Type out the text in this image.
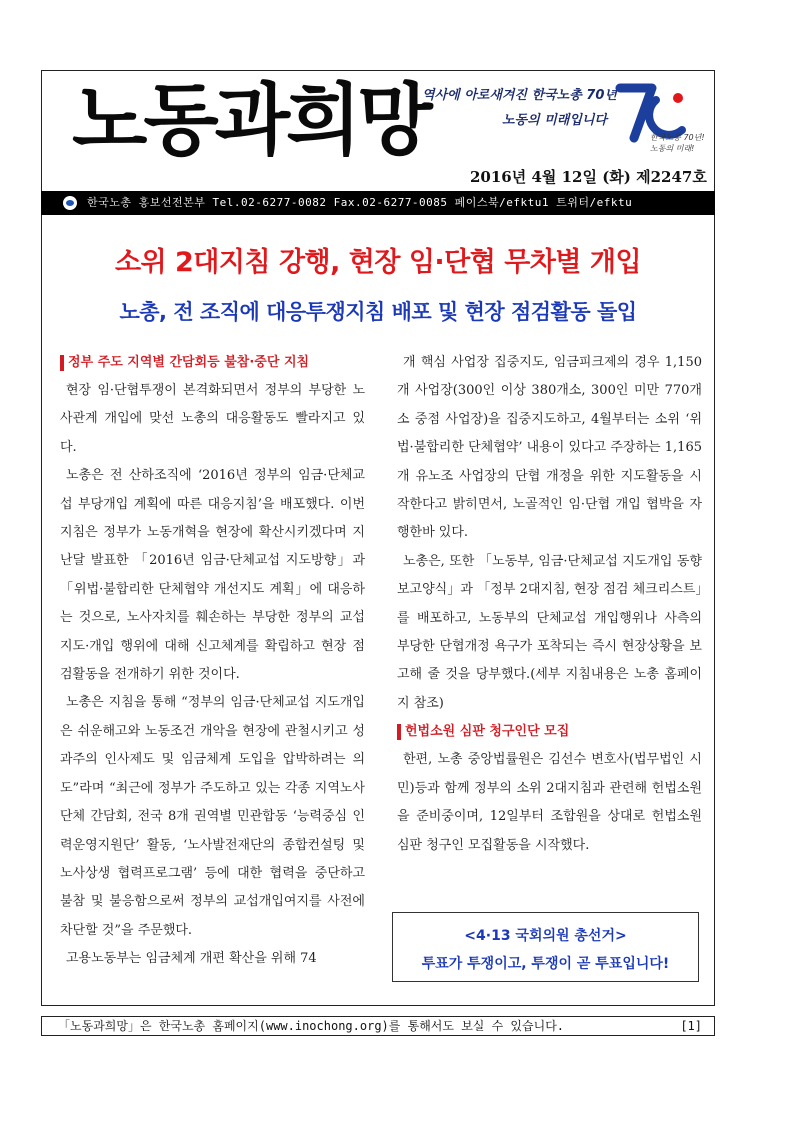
노동과희망
역사에 아로새겨진 한국노총 70년
노동의 미래입니다
한국노총 70년!
노동의 미래!
2016년 4월 12일 (화) 제2247호
한국노총 홍보선전본부 Tel.02-6277-0082 Fax.02-6277-0085 페이스북/efktu1 트위터/efktu
소위 2대지침 강행, 현장 임·단협 무차별 개입
노총, 전 조직에 대응투쟁지침 배포 및 현장 점검활동 돌입
정부 주도 지역별 간담회등 불참·중단 지침

현장 임·단협투쟁이 본격화되면서 정부의 부당한 노사관계 개입에 맞선 노총의 대응활동도 빨라지고 있다.

노총은 전 산하조직에 ‘2016년 정부의 임금·단체교섭 부당개입 계획에 따른 대응지침’을 배포했다. 이번 지침은 정부가 노동개혁을 현장에 확산시키겠다며 지난달 발표한 「2016년 임금·단체교섭 지도방향」과 「위법·불합리한 단체협약 개선지도 계획」에 대응하는 것으로, 노사자치를 훼손하는 부당한 정부의 교섭지도·개입 행위에 대해 신고체계를 확립하고 현장 점검활동을 전개하기 위한 것이다.

노총은 지침을 통해 “정부의 임금·단체교섭 지도개입은 쉬운해고와 노동조건 개악을 현장에 관철시키고 성과주의 인사제도 및 임금체계 도입을 압박하려는 의도”라며 “최근에 정부가 주도하고 있는 각종 지역노사단체 간담회, 전국 8개 권역별 민관합동 ‘능력중심 인력운영지원단’ 활동, ‘노사발전재단의 종합컨설팅 및 노사상생 협력프로그램’ 등에 대한 협력을 중단하고 불참 및 불응함으로써 정부의 교섭개입여지를 사전에 차단할 것”을 주문했다.

고용노동부는 임금체계 개편 확산을 위해 74

개 핵심 사업장 집중지도, 임금피크제의 경우 1,150개 사업장(300인 이상 380개소, 300인 미만 770개소 중점 사업장)을 집중지도하고, 4월부터는 소위 ‘위법·불합리한 단체협약’ 내용이 있다고 주장하는 1,165개 유노조 사업장의 단협 개정을 위한 지도활동을 시작한다고 밝히면서, 노골적인 임·단협 개입 협박을 자행한바 있다.

노총은, 또한 「노동부, 임금·단체교섭 지도개입 동향 보고양식」과 「정부 2대지침, 현장 점검 체크리스트」를 배포하고, 노동부의 단체교섭 개입행위나 사측의 부당한 단협개정 욕구가 포착되는 즉시 현장상황을 보고해 줄 것을 당부했다.(세부 지침내용은 노총 홈페이지 참조)

헌법소원 심판 청구인단 모집

한편, 노총 중앙법률원은 김선수 변호사(법무법인 시민)등과 함께 정부의 소위 2대지침과 관련해 헌법소원을 준비중이며, 12일부터 조합원을 상대로 헌법소원 심판 청구인 모집활동을 시작했다.

<4·13 국회의원 총선거>
투표가 투쟁이고, 투쟁이 곧 투표입니다!
「노동과희망」은 한국노총 홈페이지(www.inochong.org)를 통해서도 보실 수 있습니다.	[1]
